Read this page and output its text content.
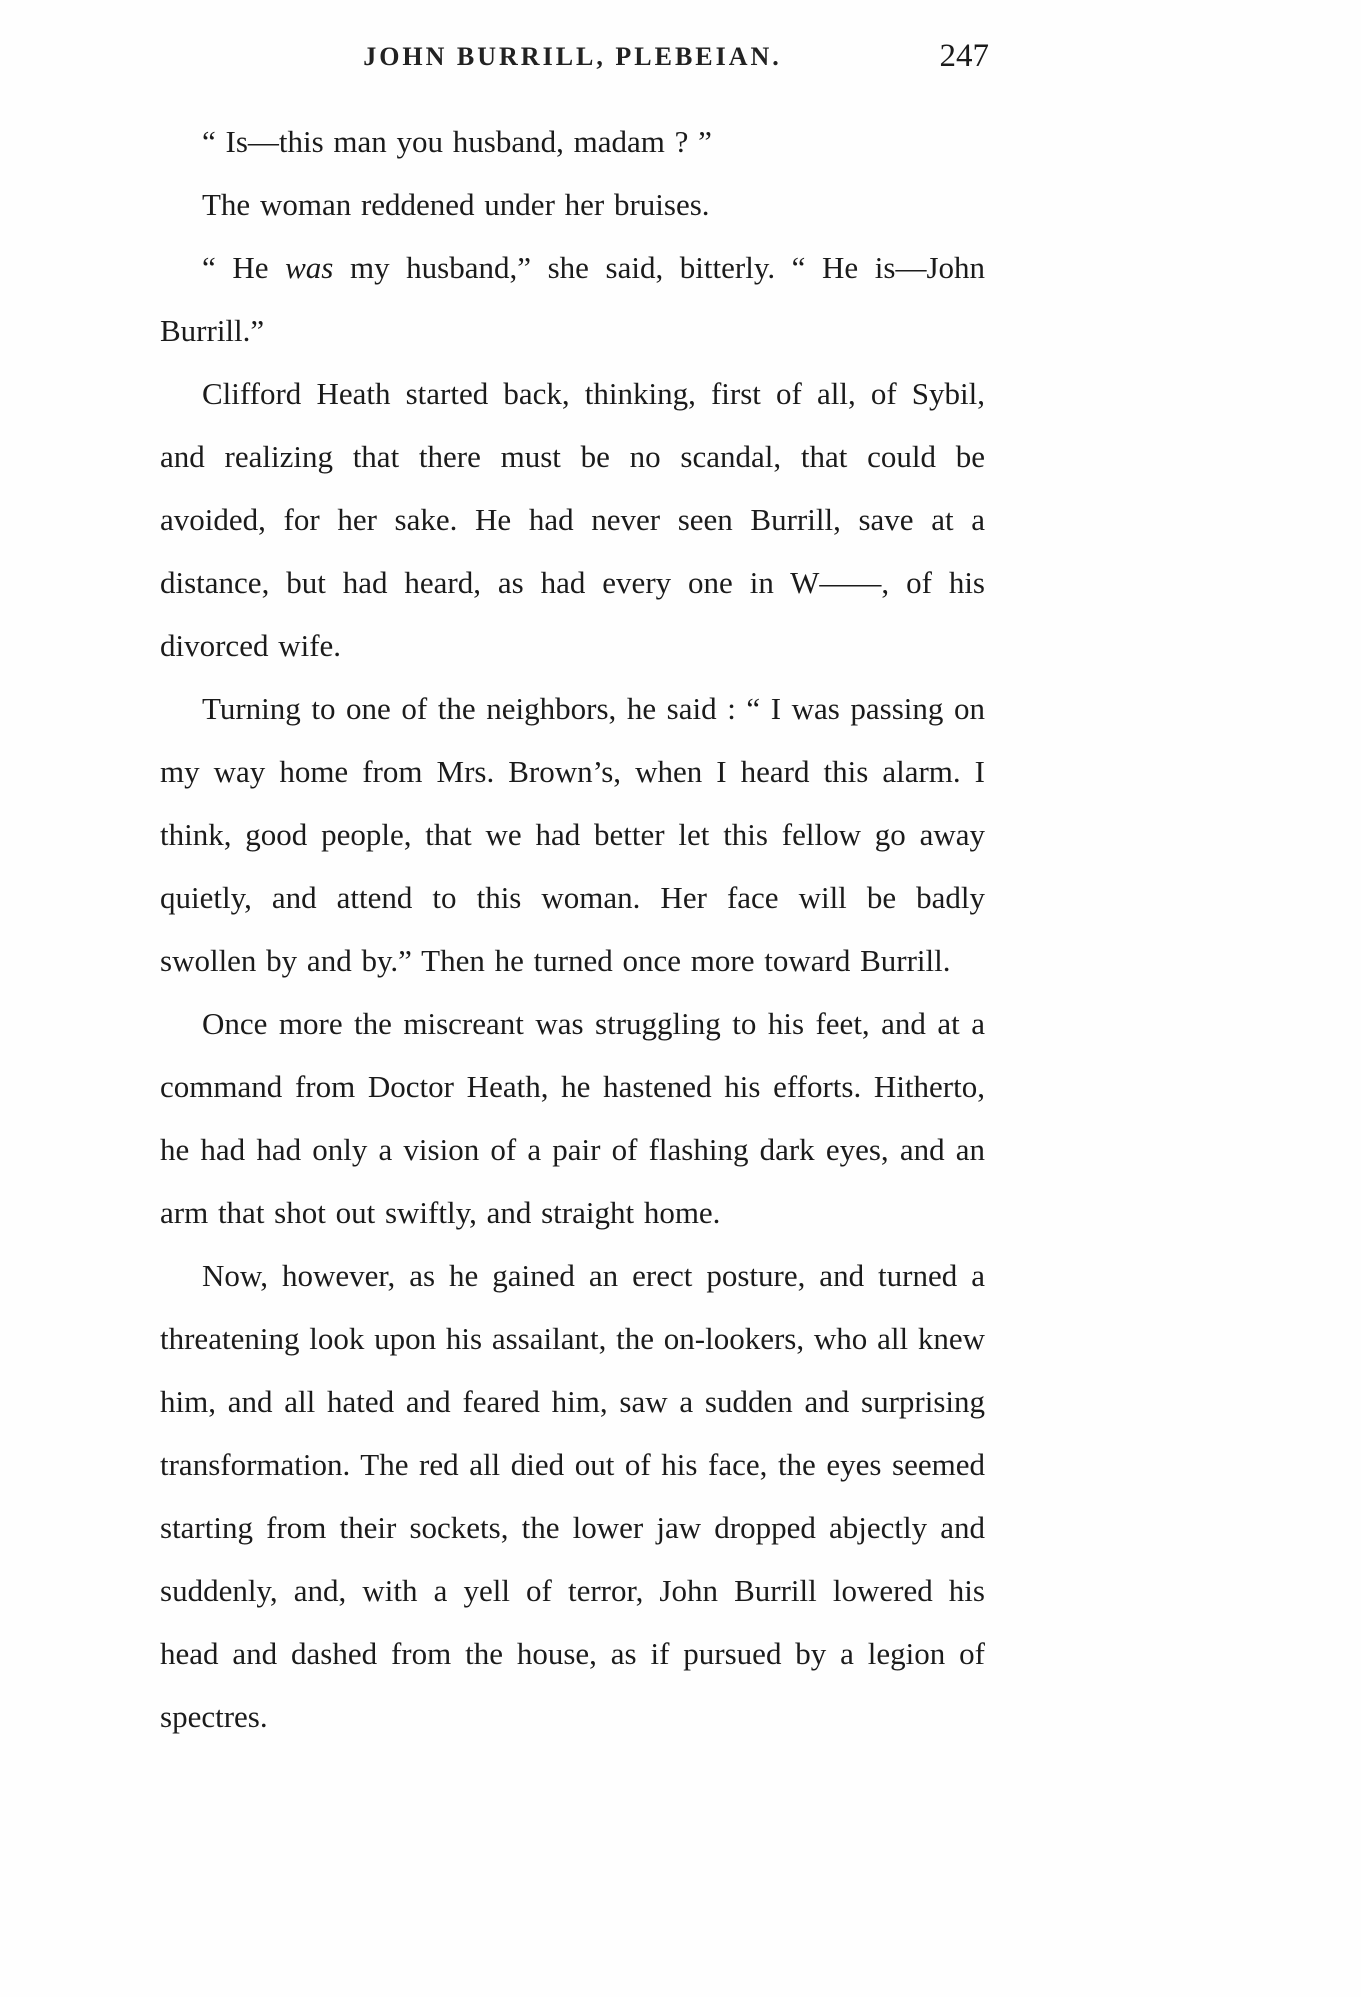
JOHN BURRILL, PLEBEIAN.	247

“ Is—this man you husband, madam ? ”

The woman reddened under her bruises.

“ He was my husband,” she said, bitterly. “ He is—John Burrill.”

Clifford Heath started back, thinking, first of all, of Sybil, and realizing that there must be no scandal, that could be avoided, for her sake. He had never seen Burrill, save at a distance, but had heard, as had every one in W——, of his divorced wife.

Turning to one of the neighbors, he said : “ I was passing on my way home from Mrs. Brown’s, when I heard this alarm. I think, good people, that we had better let this fellow go away quietly, and attend to this woman. Her face will be badly swollen by and by.” Then he turned once more toward Burrill.

Once more the miscreant was struggling to his feet, and at a command from Doctor Heath, he hastened his efforts. Hitherto, he had had only a vision of a pair of flashing dark eyes, and an arm that shot out swiftly, and straight home.

Now, however, as he gained an erect posture, and turned a threatening look upon his assailant, the on-lookers, who all knew him, and all hated and feared him, saw a sudden and surprising transformation. The red all died out of his face, the eyes seemed starting from their sockets, the lower jaw dropped abjectly and suddenly, and, with a yell of terror, John Burrill lowered his head and dashed from the house, as if pursued by a legion of spectres.
